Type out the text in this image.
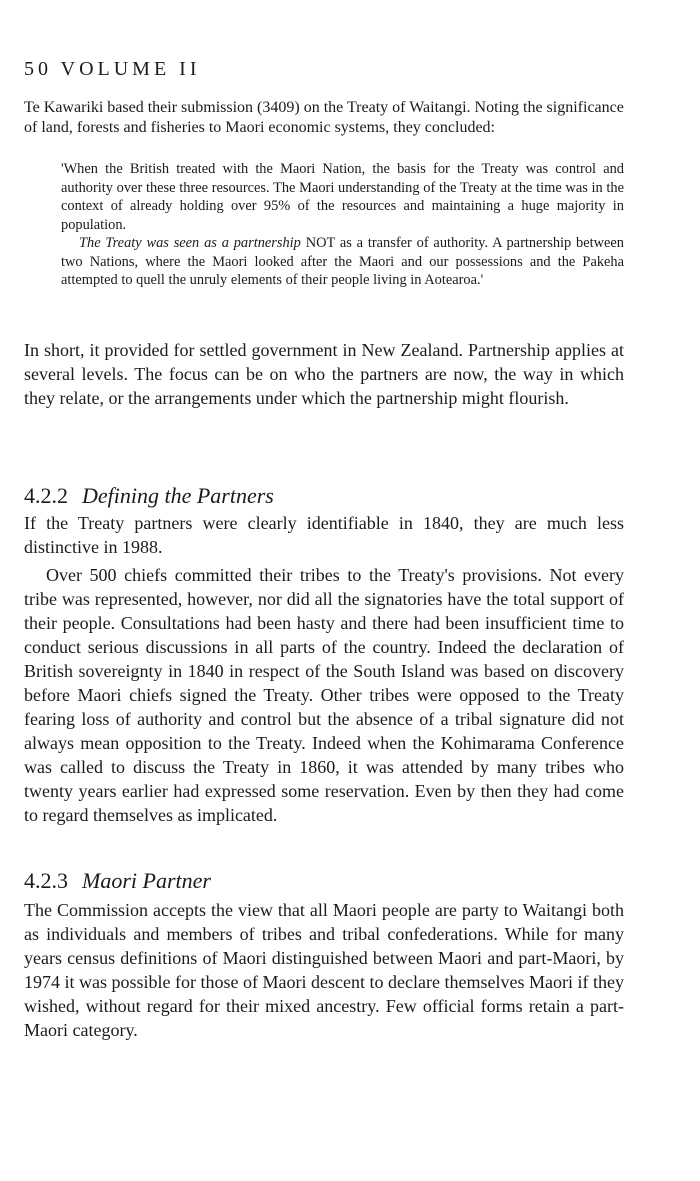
50 VOLUME II
Te Kawariki based their submission (3409) on the Treaty of Waitangi. Noting the significance of land, forests and fisheries to Maori economic systems, they concluded:

'When the British treated with the Maori Nation, the basis for the Treaty was control and authority over these three resources. The Maori understanding of the Treaty at the time was in the context of already holding over 95% of the resources and maintaining a huge majority in population.

The Treaty was seen as a partnership NOT as a transfer of authority. A partnership between two Nations, where the Maori looked after the Maori and our possessions and the Pakeha attempted to quell the unruly elements of their people living in Aotearoa.'

In short, it provided for settled government in New Zealand. Partnership applies at several levels. The focus can be on who the partners are now, the way in which they relate, or the arrangements under which the partnership might flourish.

4.2.2 Defining the Partners

If the Treaty partners were clearly identifiable in 1840, they are much less distinctive in 1988.

Over 500 chiefs committed their tribes to the Treaty's provisions. Not every tribe was represented, however, nor did all the signatories have the total support of their people. Consultations had been hasty and there had been insufficient time to conduct serious discussions in all parts of the country. Indeed the declaration of British sovereignty in 1840 in respect of the South Island was based on discovery before Maori chiefs signed the Treaty. Other tribes were opposed to the Treaty fearing loss of authority and control but the absence of a tribal signature did not always mean opposition to the Treaty. Indeed when the Kohimarama Conference was called to discuss the Treaty in 1860, it was attended by many tribes who twenty years earlier had expressed some reservation. Even by then they had come to regard themselves as implicated.

4.2.3 Maori Partner

The Commission accepts the view that all Maori people are party to Waitangi both as individuals and members of tribes and tribal confederations. While for many years census definitions of Maori distinguished between Maori and part-Maori, by 1974 it was possible for those of Maori descent to declare themselves Maori if they wished, without regard for their mixed ancestry. Few official forms retain a part-Maori category.
